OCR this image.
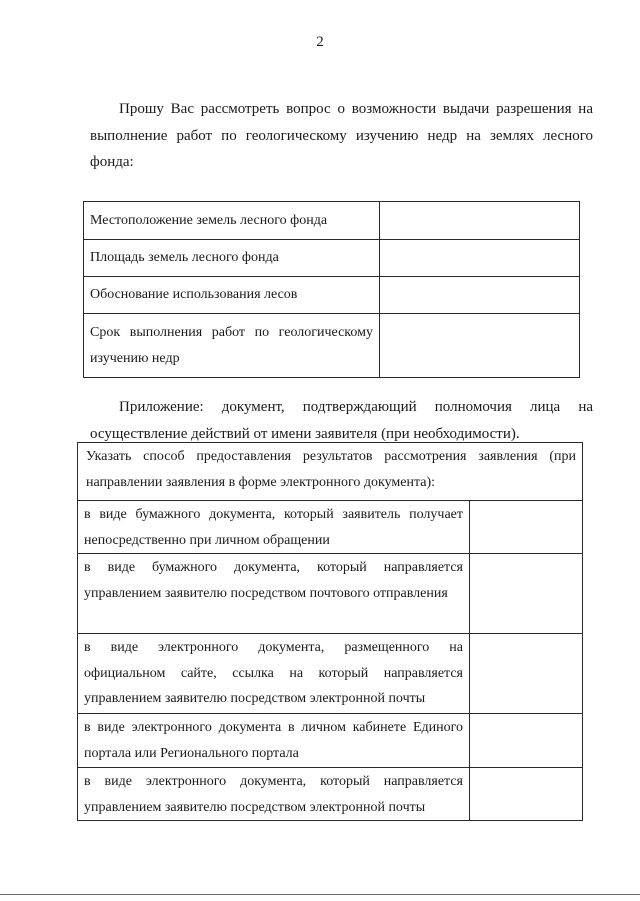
2

Прошу Вас рассмотреть вопрос о возможности выдачи разрешения на выполнение работ по геологическому изучению недр на землях лесного фонда:

Местоположение земель лесного фонда	
Площадь земель лесного фонда	
Обоснование использования лесов	
Срок выполнения работ по геологическому изучению недр	

Приложение: документ, подтверждающий полномочия лица на осуществление действий от имени заявителя (при необходимости).

Указать способ предоставления результатов рассмотрения заявления (при направлении заявления в форме электронного документа):	
в виде бумажного документа, который заявитель получает непосредственно при личном обращении	
в виде бумажного документа, который направляется управлением заявителю посредством почтового отправления	
в виде электронного документа, размещенного на официальном сайте, ссылка на который направляется управлением заявителю посредством электронной почты	
в виде электронного документа в личном кабинете Единого портала или Регионального портала	
в виде электронного документа, который направляется управлением заявителю посредством электронной почты	
